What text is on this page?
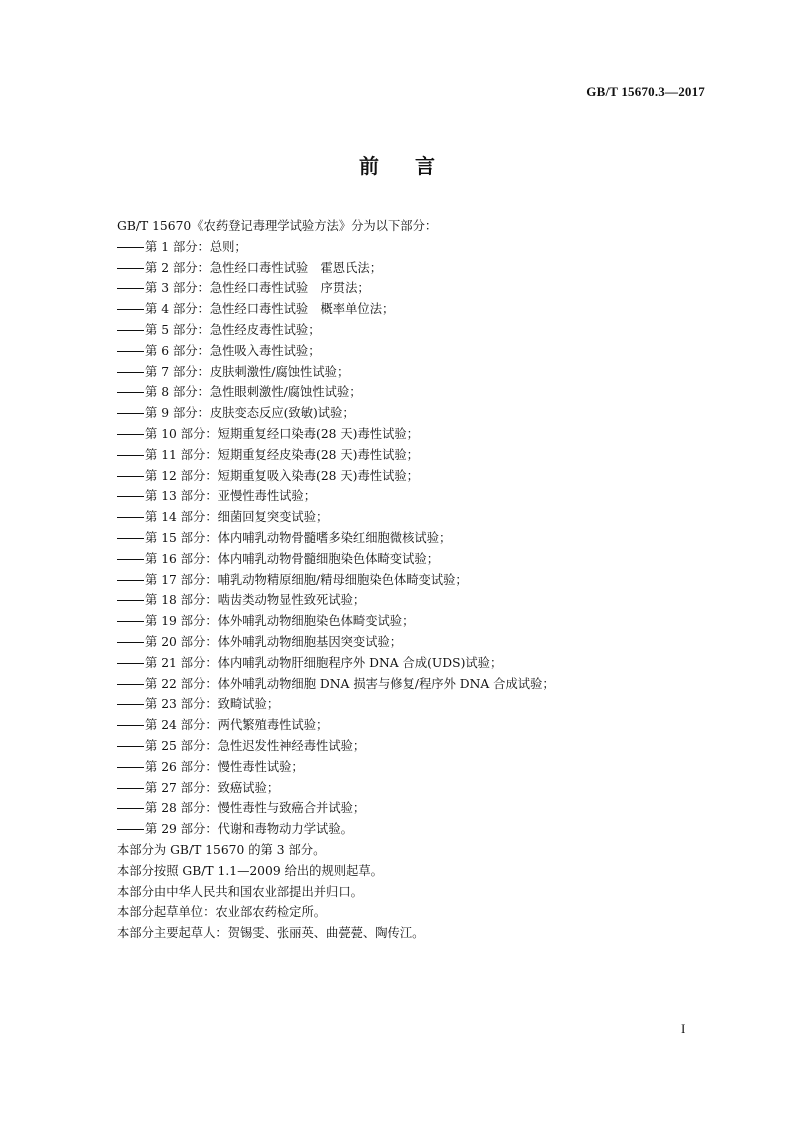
GB/T 15670.3—2017
前言
GB/T 15670《农药登记毒理学试验方法》分为以下部分：
第 1 部分：总则；
第 2 部分：急性经口毒性试验　霍恩氏法；
第 3 部分：急性经口毒性试验　序贯法；
第 4 部分：急性经口毒性试验　概率单位法；
第 5 部分：急性经皮毒性试验；
第 6 部分：急性吸入毒性试验；
第 7 部分：皮肤刺激性/腐蚀性试验；
第 8 部分：急性眼刺激性/腐蚀性试验；
第 9 部分：皮肤变态反应(致敏)试验；
第 10 部分：短期重复经口染毒(28 天)毒性试验；
第 11 部分：短期重复经皮染毒(28 天)毒性试验；
第 12 部分：短期重复吸入染毒(28 天)毒性试验；
第 13 部分：亚慢性毒性试验；
第 14 部分：细菌回复突变试验；
第 15 部分：体内哺乳动物骨髓嗜多染红细胞微核试验；
第 16 部分：体内哺乳动物骨髓细胞染色体畸变试验；
第 17 部分：哺乳动物精原细胞/精母细胞染色体畸变试验；
第 18 部分：啮齿类动物显性致死试验；
第 19 部分：体外哺乳动物细胞染色体畸变试验；
第 20 部分：体外哺乳动物细胞基因突变试验；
第 21 部分：体内哺乳动物肝细胞程序外 DNA 合成(UDS)试验；
第 22 部分：体外哺乳动物细胞 DNA 损害与修复/程序外 DNA 合成试验；
第 23 部分：致畸试验；
第 24 部分：两代繁殖毒性试验；
第 25 部分：急性迟发性神经毒性试验；
第 26 部分：慢性毒性试验；
第 27 部分：致癌试验；
第 28 部分：慢性毒性与致癌合并试验；
第 29 部分：代谢和毒物动力学试验。
本部分为 GB/T 15670 的第 3 部分。
本部分按照 GB/T 1.1—2009 给出的规则起草。
本部分由中华人民共和国农业部提出并归口。
本部分起草单位：农业部农药检定所。
本部分主要起草人：贺锡雯、张丽英、曲甍甍、陶传江。
I
